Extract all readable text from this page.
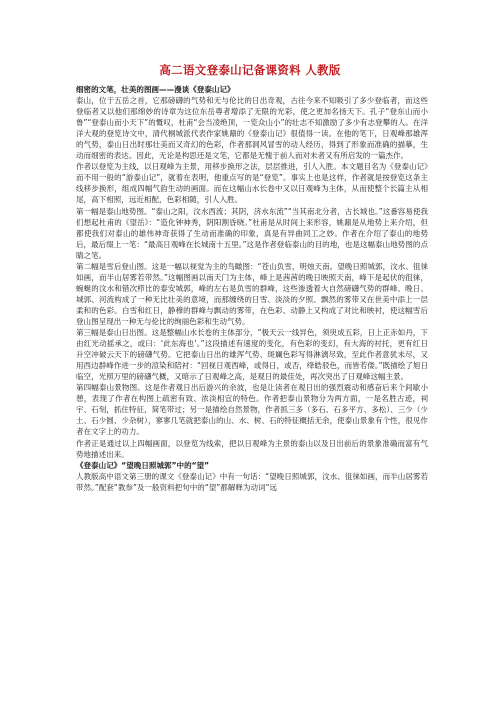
高二语文登泰山记备课资料 人教版

细密的文笔，壮美的图画——漫谈《登泰山记》

泰山，位于五岳之首，它那磅礴的气势和无与伦比的日出奇观，古往今来不知吸引了多少登临者，而这些登临者又以他们那绵妙的诗章为这位东岳尊者增添了无限的光彩，使之更加名扬天下。孔子“登东山而小鲁”“登泰山而小天下”的慨叹，杜甫“会当凌绝顶，一览众山小”的壮志不知激励了多少有志登攀的人。在洋洋大观的登览诗文中，清代桐城派代表作家姚鼐的《登泰山记》很值得一读。在他的笔下，日观峰那雄浑的气势，泰山日出时那壮美而又奇幻的色彩，作者那洞风冒雪的动人经历，得到了形象而准确的描摹，生动而细密的表达。因此，无论是构思还是文笔，它都是无愧于前人而对未者又有所启发的一篇杰作。

作者以登览为主线，以日观峰为主景，用移步换形之法，层层推进，引人入胜。本文题目名为《登泰山记》而不用一般的“游泰山记”，就着在表明，他重点写的是“登览”。事实上也是这样，作者就是按登览这条主线移步换形，组成四幅气韵生动的画面。而在这幅山水长卷中又以日观峰为主体，从而使整个长篇主从相尾，高下相照，远近相配，色彩相随，引人入胜。

第一幅是泰山地势图。“泰山之阳，汶水西流；其阴，济水东流”“当其南北分者，古长城也。”这番容易使我们想起杜甫的《望岳》：“造化钟神秀，阴阳割昏晓。”杜甫是从时间上来形容，姚鼐是从地势上来介绍，但都使我们对泰山的雄伟神奇获得了生动而准确的印象，真是有异曲同工之妙。作者在介绍了泰山的地势后，最后缀上一笔：“最高日观峰在长城南十五里。”这是作者登临泰山的目的地，也是这幅泰山地势图的点睛之笔。

第二幅是雪后登山图。这是一幅以视觉为主的鸟瞰图：“苍山负雪，明烛天南。望晚日照城郭，汶水、徂徕如画，而半山居雾若带然。”这幅图画以南天门为主体，峰上是茜茜的晚日映照天南，峰下是起伏的徂徕，蜿蜒的汶水和错次栉比的泰安城郭，峰的左右是负雪的群峰，这些渗透着大自然磅礴气势的群峰、晚日、城郭、河流构成了一种无比壮美的意境，而那缠绕的日雪、淡淡的夕照、飘然的雾带又在世美中添上一层柔和的色彩。白雪和红日，静穆的群峰与飘动的雾带，在色彩、动静上又构成了对比和映衬，使这幅雪后登山图呈现出一种无与伦比的绚丽色彩和生动气势。

第三幅是泰山日出图。这是整幅山水长卷的主体部分，“极天云一线异色，须臾成五彩，日上正赤如丹，下由红光动摇承之，或曰：‘此东海也’。”这段描述有速度的变化，有色彩的变幻，有大海的衬托，更有红日升空冲破云天下的磅礴气势。它把泰山日出的雄浑气势、斑斓色彩写得淋漓尽致，至此作者意犹未尽，又用西边群峰作进一步的渲染和陪衬：“回视日观西峰，或得日，或否，绛皓驳色，而皆若偻。”既描绘了旭日临空，光照万里的磅礴气概，又暗示了日观峰之高，是观日的最佳处，再次突出了日观峰这幅主景。

第四幅泰山景物图。这是作者观日出后游兴的余波，也是让读者在观日出的强烈震动和感奋后来个间歇小憩，表现了作者在构图上疏密有致、浓淡相宜的特色。作者把泰山景物分为两方面，一是名胜古迹，祠宇、石刻，抓住特征，简笔带过；另一是描绘自然景物，作者抓三多（多石、石多平方、多松）、三少（少土、石少圆、少杂树），寥寥几笔就把泰山的山、水、树、石的特征概括无余，使泰山景象有个性，很见作者在文字上的功力。

作者正是通过以上四幅画面，以登览为线索，把以日观峰为主景的泰山以及日出前后的景象准确而富有气势地描述出来。

《登泰山记》“望晚日照城郭”中的“望”

人教版高中语文第三册的课文《登泰山记》中有一句话：“望晚日照城郭，汶水、徂徕如画，而半山居雾若带然。”配套“教参”及一般资料把句中的“望”都解释为动词“远
